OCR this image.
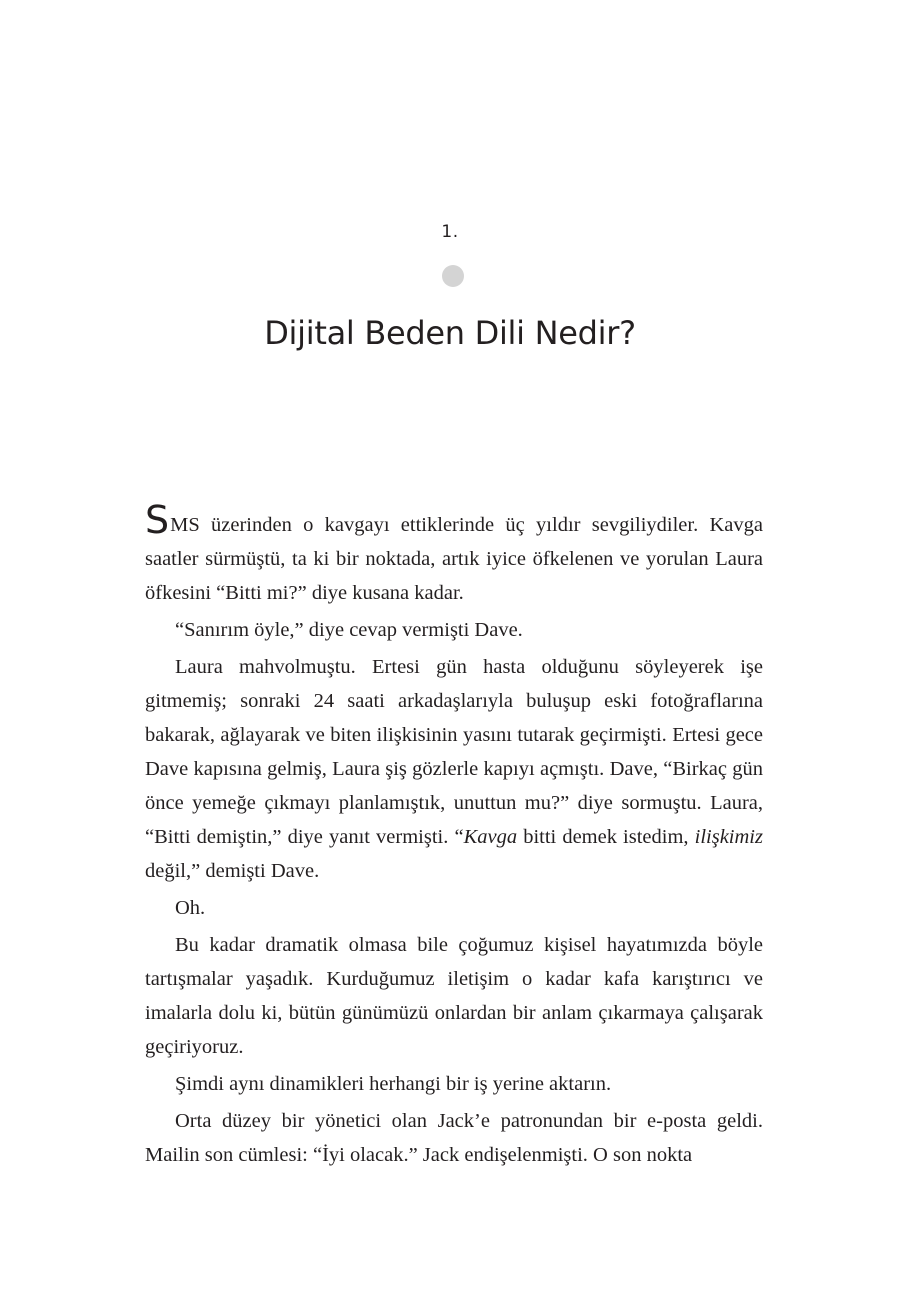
1.
Dijital Beden Dili Nedir?

SMS üzerinden o kavgayı ettiklerinde üç yıldır sevgiliydiler. Kavga saatler sürmüştü, ta ki bir noktada, artık iyice öfkelenen ve yorulan Laura öfkesini “Bitti mi?” diye kusana kadar.

“Sanırım öyle,” diye cevap vermişti Dave.

Laura mahvolmuştu. Ertesi gün hasta olduğunu söyleyerek işe gitmemiş; sonraki 24 saati arkadaşlarıyla buluşup eski fotoğraflarına bakarak, ağlayarak ve biten ilişkisinin yasını tutarak geçirmişti. Ertesi gece Dave kapısına gelmiş, Laura şiş gözlerle kapıyı açmıştı. Dave, “Birkaç gün önce yemeğe çıkmayı planlamıştık, unuttun mu?” diye sormuştu. Laura, “Bitti demiştin,” diye yanıt vermişti. “Kavga bitti demek istedim, ilişkimiz değil,” demişti Dave.

Oh.

Bu kadar dramatik olmasa bile çoğumuz kişisel hayatımızda böyle tartışmalar yaşadık. Kurduğumuz iletişim o kadar kafa karıştırıcı ve imalarla dolu ki, bütün günümüzü onlardan bir anlam çıkarmaya çalışarak geçiriyoruz.

Şimdi aynı dinamikleri herhangi bir iş yerine aktarın.

Orta düzey bir yönetici olan Jack’e patronundan bir e-posta geldi. Mailin son cümlesi: “İyi olacak.” Jack endişelenmişti. O son nokta
